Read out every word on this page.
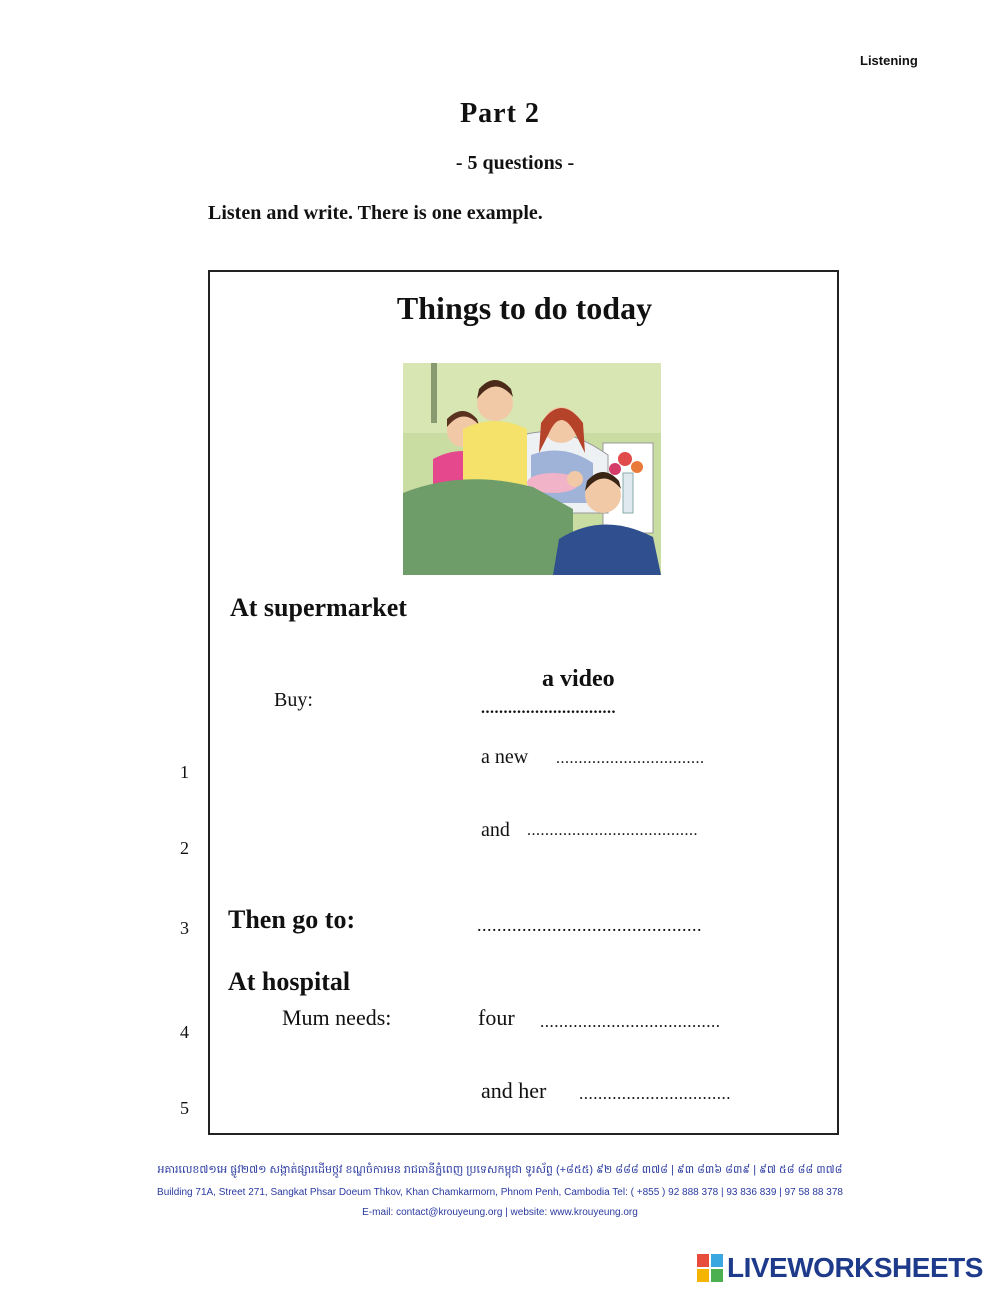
Listening
Part 2
- 5 questions -
Listen and write. There is one example.
Things to do today
At supermarket
Buy:
a video
..............................
1
a new .................................
2
and ......................................
Then go to:
3	.............................................
At hospital
Mum needs:
4
four ......................................
5
and her ................................
អគារលេខ៧១អេ ផ្លូវ២៧១ សង្កាត់ផ្សារដើមថ្កូវ ខណ្ឌចំការមន រាជធានីភ្នំពេញ ប្រទេសកម្ពុជា ទូរស័ព្ទ (+៨៥៥) ៩២ ៨៨៨ ៣៧៨ | ៩៣ ៨៣៦ ៨៣៩ | ៩៧ ៥៨ ៨៨ ៣៧៨
Building 71A, Street 271, Sangkat Phsar Doeum Thkov, Khan Chamkarmorn, Phnom Penh, Cambodia Tel: ( +855 ) 92 888 378 | 93 836 839 | 97 58 88 378
E-mail: contact@krouyeung.org | website: www.krouyeung.org
LIVEWORKSHEETS
